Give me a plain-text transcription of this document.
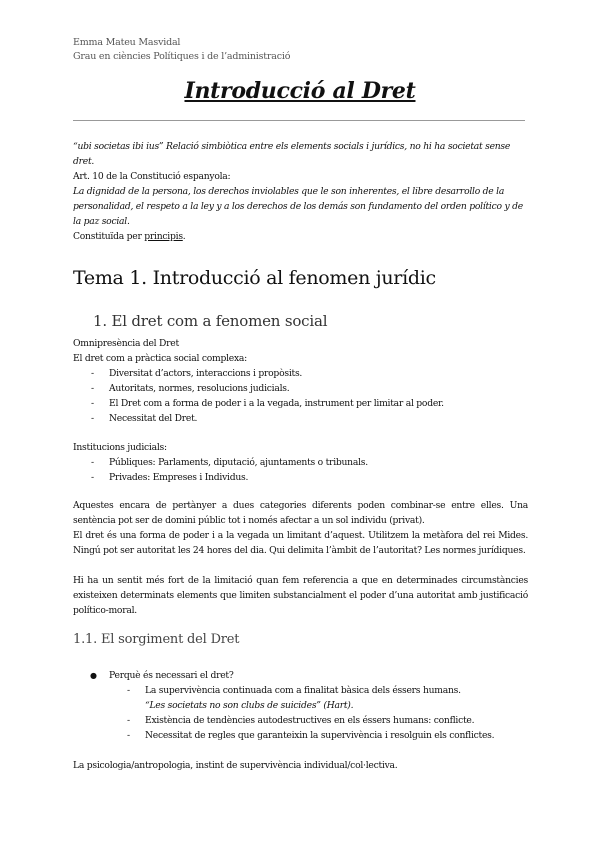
Emma Mateu Masvidal
Grau en ciències Polítiques i de l’administració
Introducció al Dret
“ubi societas ibi ius” Relació simbiòtica entre els elements socials i jurídics, no hi ha societat sense dret.
Art. 10 de la Constitució espanyola:
La dignidad de la persona, los derechos inviolables que le son inherentes, el libre desarrollo de la personalidad, el respeto a la ley y a los derechos de los demás son fundamento del orden político y de la paz social.
Constituïda per principis.
Tema 1. Introducció al fenomen jurídic
1. El dret com a fenomen social
Omnipresència del Dret
El dret com a pràctica social complexa:
- Diversitat d’actors, interaccions i propòsits.
- Autoritats, normes, resolucions judicials.
- El Dret com a forma de poder i a la vegada, instrument per limitar al poder.
- Necessitat del Dret.
Institucions judicials:
- Públiques: Parlaments, diputació, ajuntaments o tribunals.
- Privades: Empreses i Individus.
Aquestes encara de pertànyer a dues categories diferents poden combinar-se entre elles. Una sentència pot ser de domini públic tot i només afectar a un sol individu (privat).
El dret és una forma de poder i a la vegada un limitant d’aquest. Utilitzem la metàfora del rei Mides. Ningú pot ser autoritat les 24 hores del dia. Qui delimita l’àmbit de l’autoritat? Les normes jurídiques.
Hi ha un sentit més fort de la limitació quan fem referencia a que en determinades circumstàncies existeixen determinats elements que limiten substancialment el poder d’una autoritat amb justificació político-moral.
1.1. El sorgiment del Dret
● Perquè és necessari el dret?
- La supervivència continuada com a finalitat bàsica dels éssers humans.
“Les societats no son clubs de suicides” (Hart).
- Existència de tendències autodestructives en els éssers humans: conflicte.
- Necessitat de regles que garanteixin la supervivència i resolguin els conflictes.
La psicologia/antropologia, instint de supervivència individual/col·lectiva.
